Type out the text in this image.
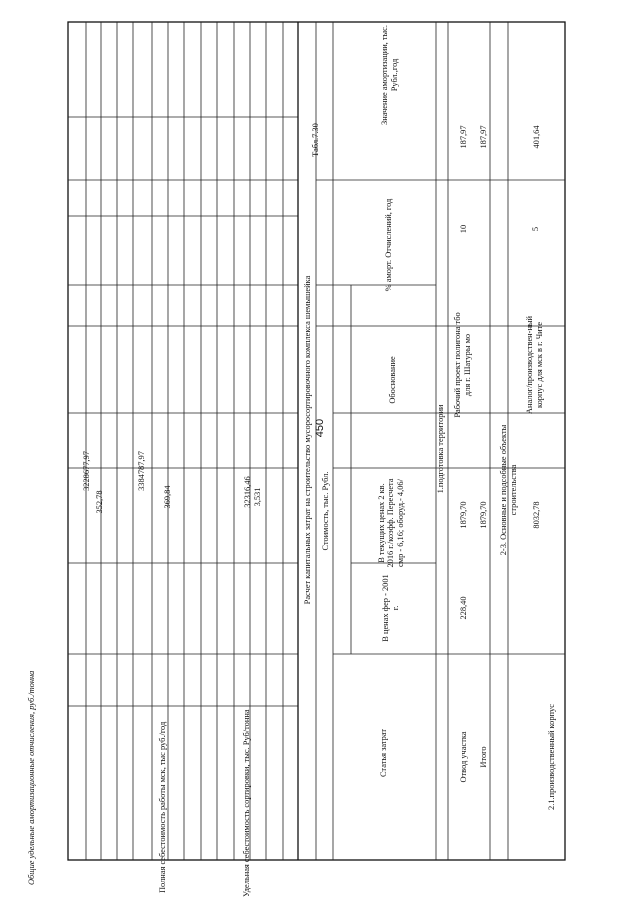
450
3228677,97
352,78
3384787,97
Общие удельные амортизационные отчисления, руб./тонна
369,84
Полная себестоимость работы мск, тыс руб./год
32316,46
Удельная себестоимость сортировки, тыс. Руб/тонна
3,531	Расчет капитальных затрат на строительство мусоросортировочного комплекса шемышейка
Табл.7.30
Статья затрат
Стоимость, тыс. Рубл.
В ценах фер - 2001 г.
В текущих ценах 2 кв. 2016 г./коэфф. Пересчета смр - 6,16; оборуд.- 4,06/
Обоснование
% аморт. Отчислений, год
Значение амортизации, тыс. Рубл.,год
1.подготовка территории
Отвод участка
228,40
1879,70
Рабочий проект полигона тбо для г. Шатуры мо
10
187,97
Итого
1879,70
187,97
2-3. Основные и подсобные объекты строительства
2.1.производственный корпус
8032,78
Аналог/производствен-ный корпус для мск в г. Чите
5
401,64
